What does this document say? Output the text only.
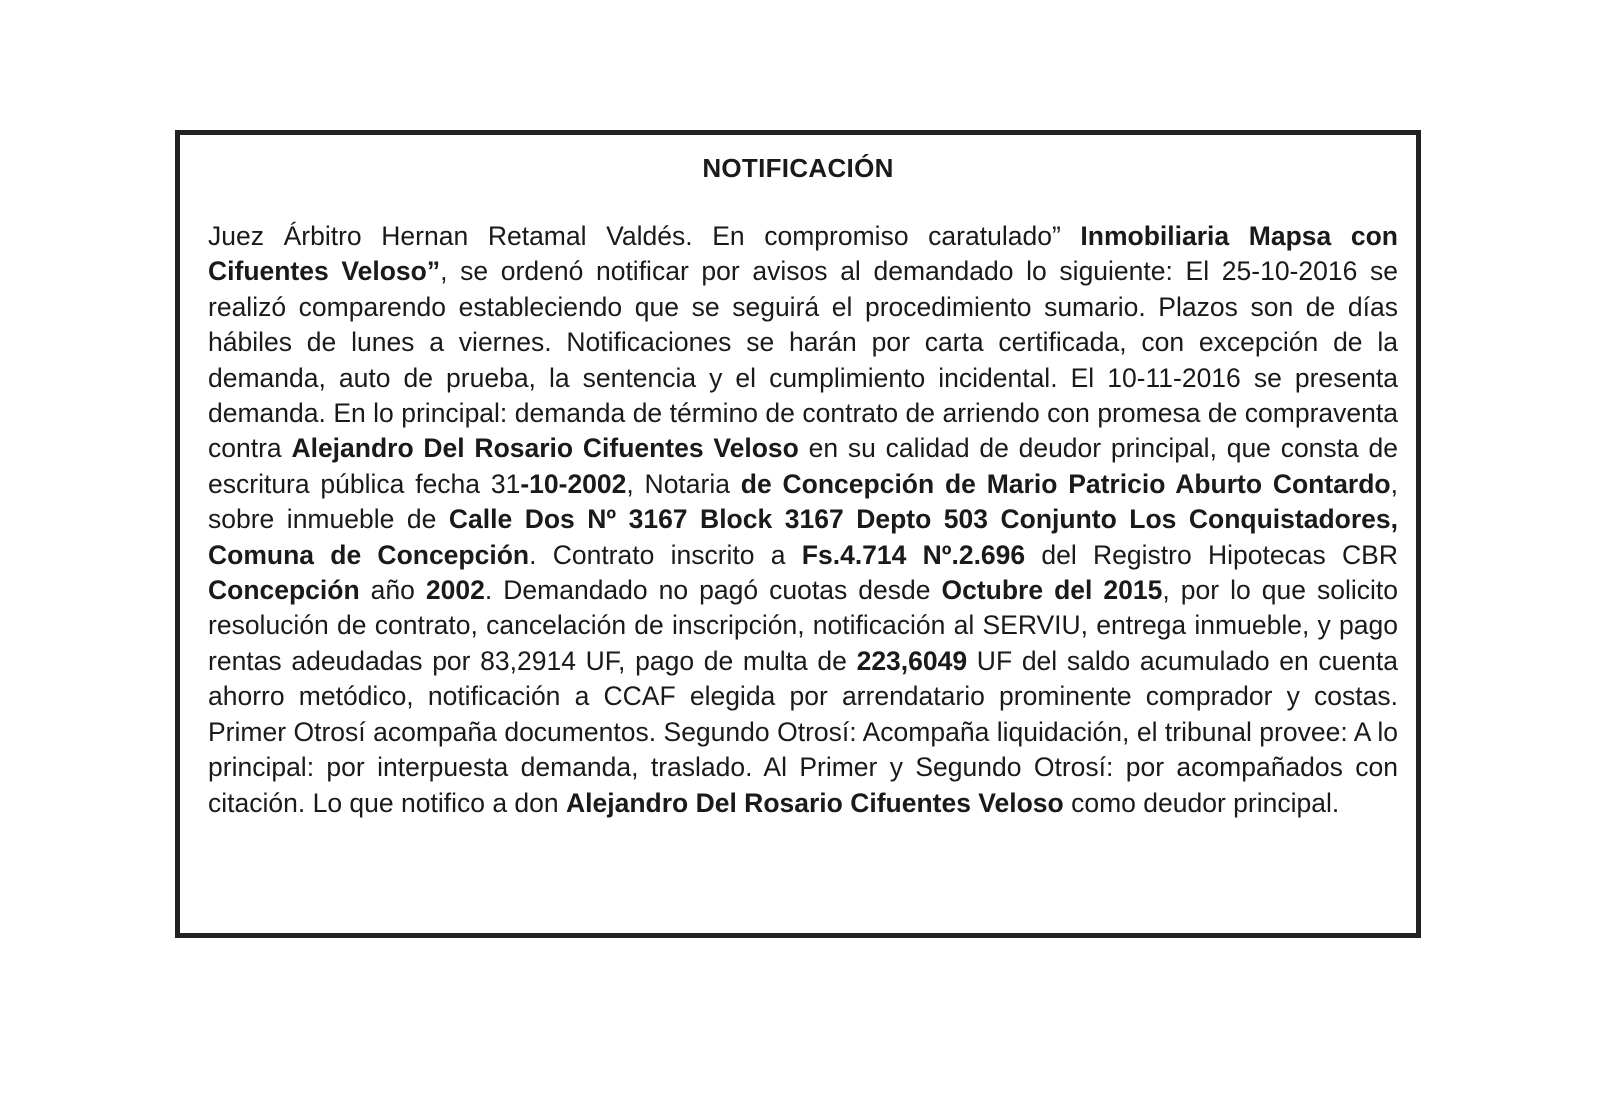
NOTIFICACIÓN
Juez Árbitro Hernan Retamal Valdés. En compromiso caratulado” Inmobiliaria Mapsa con Cifuentes Veloso”, se ordenó notificar por avisos al demandado lo siguiente: El 25-10-2016 se realizó comparendo estableciendo que se seguirá el procedimiento sumario. Plazos son de días hábiles de lunes a viernes. Notificaciones se harán por carta certificada, con excepción de la demanda, auto de prueba, la sentencia y el cumplimiento incidental. El 10-11-2016 se presenta demanda. En lo principal: demanda de término de contrato de arriendo con promesa de compraventa contra Alejandro Del Rosario Cifuentes Veloso en su calidad de deudor principal, que consta de escritura pública fecha 31-10-2002, Notaria de Concepción de Mario Patricio Aburto Contardo, sobre inmueble de Calle Dos Nº 3167 Block 3167 Depto 503 Conjunto Los Conquistadores, Comuna de Concepción. Contrato inscrito a Fs.4.714 Nº.2.696 del Registro Hipotecas CBR Concepción año 2002. Demandado no pagó cuotas desde Octubre del 2015, por lo que solicito resolución de contrato, cancelación de inscripción, notificación al SERVIU, entrega inmueble, y pago rentas adeudadas por 83,2914 UF, pago de multa de 223,6049 UF del saldo acumulado en cuenta ahorro metódico, notificación a CCAF elegida por arrendatario prominente comprador y costas. Primer Otrosí acompaña documentos. Segundo Otrosí: Acompaña liquidación, el tribunal provee: A lo principal: por interpuesta demanda, traslado. Al Primer y Segundo Otrosí: por acompañados con citación. Lo que notifico a don Alejandro Del Rosario Cifuentes Veloso como deudor principal.
